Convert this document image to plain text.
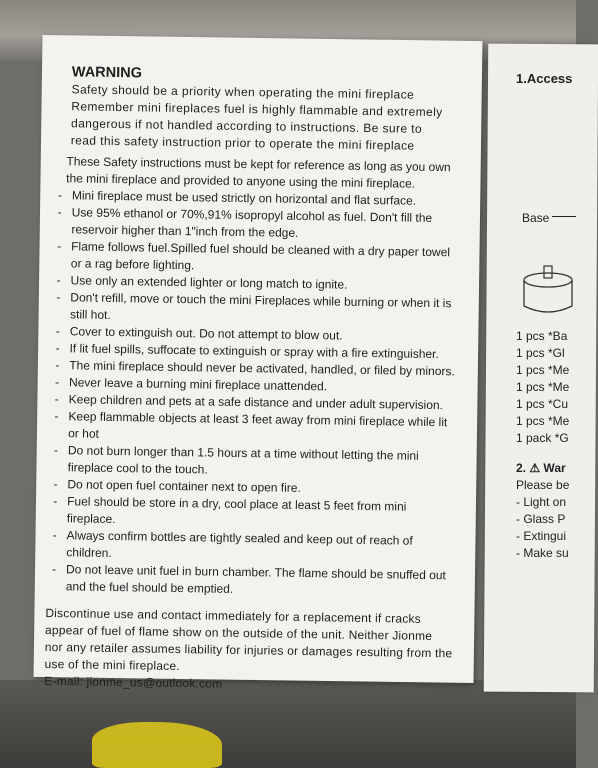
WARNING
Safety should be a priority when operating the mini fireplace
Remember mini fireplaces fuel is highly flammable and extremely
dangerous if not handled according to instructions. Be sure to
read this safety instruction prior to operate the mini fireplace
These Safety instructions must be kept for reference as long as you own
the mini fireplace and provided to anyone using the mini fireplace.
- Mini fireplace must be used strictly on horizontal and flat surface.
- Use 95% ethanol or 70%,91% isopropyl alcohol as fuel. Don't fill the reservoir higher than 1"inch from the edge.
- Flame follows fuel.Spilled fuel should be cleaned with a dry paper towel or a rag before lighting.
- Use only an extended lighter or long match to ignite.
- Don't refill, move or touch the mini Fireplaces while burning or when it is still hot.
- Cover to extinguish out. Do not attempt to blow out.
- If lit fuel spills, suffocate to extinguish or spray with a fire extinguisher.
- The mini fireplace should never be activated, handled, or filed by minors.
- Never leave a burning mini fireplace unattended.
- Keep children and pets at a safe distance and under adult supervision.
- Keep flammable objects at least 3 feet away from mini fireplace while lit or hot
- Do not burn longer than 1.5 hours at a time without letting the mini fireplace cool to the touch.
- Do not open fuel container next to open fire.
- Fuel should be store in a dry, cool place at least 5 feet from mini fireplace.
- Always confirm bottles are tightly sealed and keep out of reach of children.
- Do not leave unit fuel in burn chamber. The flame should be snuffed out and the fuel should be emptied.
Discontinue use and contact immediately for a replacement if cracks
appear of fuel of flame show on the outside of the unit. Neither Jionme
nor any retailer assumes liability for injuries or damages resulting from the
use of the mini fireplace.
E-mail: jionme_us@outlook.com
1.Access
Base
1 pcs *Ba
1 pcs *Gl
1 pcs *Me
1 pcs *Me
1 pcs *Cu
1 pcs *Me
1 pack *G
2. ⚠ War
Please be
- Light on
- Glass P
- Extingui
- Make su
